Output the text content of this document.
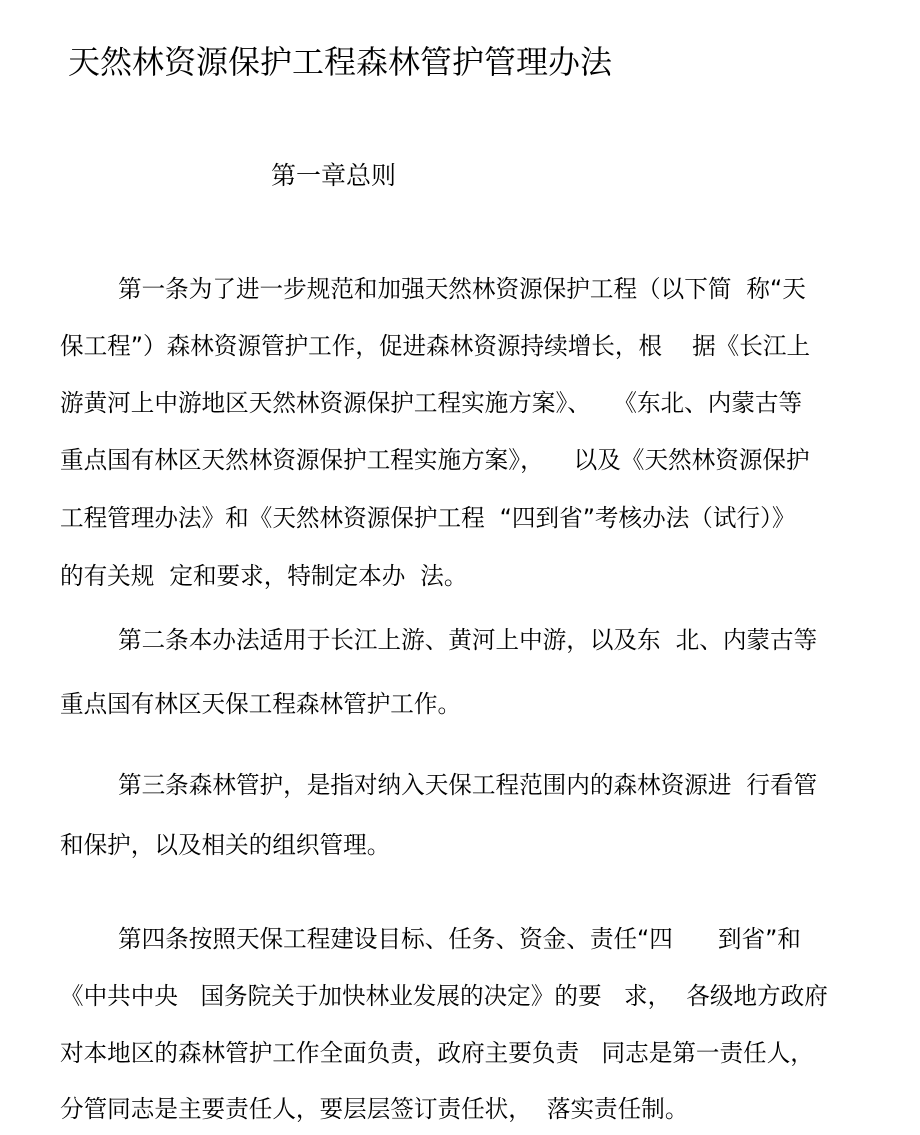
天然林资源保护工程森林管护管理办法
第一章总则
第一条为了进一步规范和加强天然林资源保护工程（以下简  称“天
保工程”）森林资源管护工作，促进森林资源持续增长，根    据《长江上
游黄河上中游地区天然林资源保护工程实施方案》、   《东北、内蒙古等
重点国有林区天然林资源保护工程实施方案》，    以及《天然林资源保护
工程管理办法》和《天然林资源保护工程  “四到省”考核办法（试行）》
的有关规  定和要求，特制定本办  法。
第二条本办法适用于长江上游、黄河上中游，以及东  北、内蒙古等
重点国有林区天保工程森林管护工作。
第三条森林管护，是指对纳入天保工程范围内的森林资源进  行看管
和保护，以及相关的组织管理。
第四条按照天保工程建设目标、任务、资金、责任“四      到省”和
《中共中央   国务院关于加快林业发展的决定》的要   求，  各级地方政府
对本地区的森林管护工作全面负责，政府主要负责   同志是第一责任人，
分管同志是主要责任人，要层层签订责任状，  落实责任制。
